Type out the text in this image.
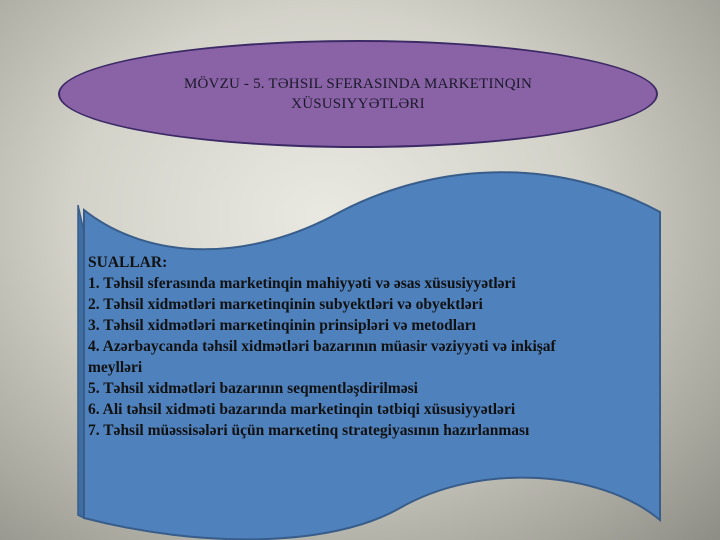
MÖVZU - 5. TƏHSIL SFERASINDA MARKETINQIN
XÜSUSIYYƏTLƏRI
SUALLAR:
1. Təhsil sferasında marketinqin mahiyyəti və əsas xüsusiyyətləri
2. Təhsil xidmətləri marкetinqinin subyektləri və obyektləri
3. Təhsil xidmətləri marкetinqinin prinsipləri və metodları
4. Azərbaycanda təhsil xidmətləri bazarının müasir vəziyyəti və inkişaf
meylləri
5. Təhsil xidmətləri bazarının seqmentləşdirilməsi
6. Ali təhsil xidməti bazarında marketinqin tətbiqi xüsusiyyətləri
7. Təhsil müəssisələri üçün marкetinq strategiyasının hazırlanması
